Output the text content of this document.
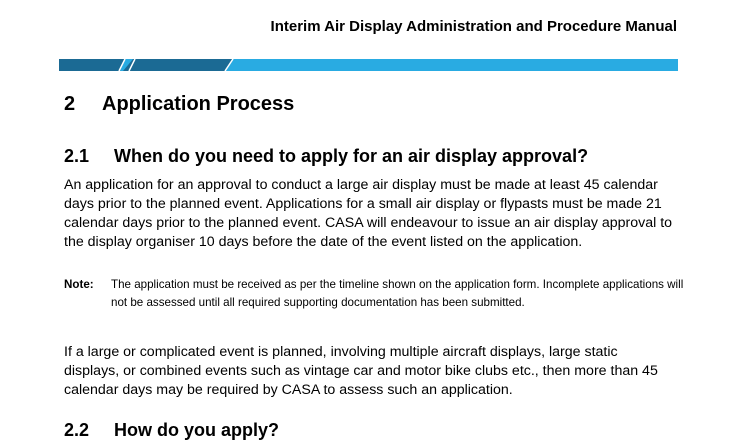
Interim Air Display Administration and Procedure Manual
2 Application Process
2.1 When do you need to apply for an air display approval?
An application for an approval to conduct a large air display must be made at least 45 calendar days prior to the planned event. Applications for a small air display or flypasts must be made 21 calendar days prior to the planned event. CASA will endeavour to issue an air display approval to the display organiser 10 days before the date of the event listed on the application.
Note: The application must be received as per the timeline shown on the application form. Incomplete applications will not be assessed until all required supporting documentation has been submitted.
If a large or complicated event is planned, involving multiple aircraft displays, large static displays, or combined events such as vintage car and motor bike clubs etc., then more than 45 calendar days may be required by CASA to assess such an application.
2.2 How do you apply?
